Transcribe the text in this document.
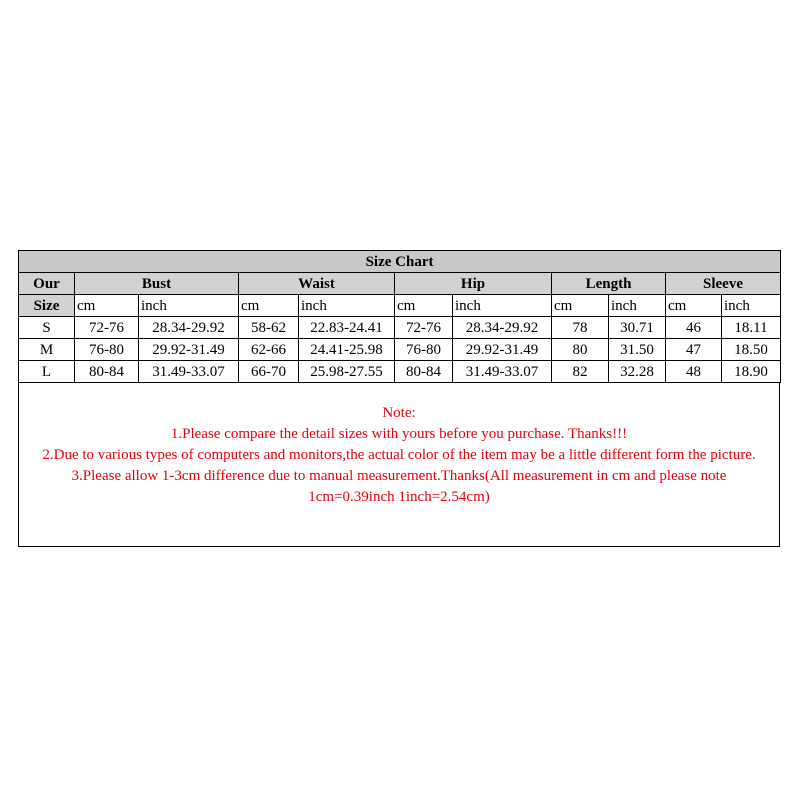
Size Chart										
Our	Bust		Waist		Hip		Length		Sleeve	
Size	cm	inch	cm	inch	cm	inch	cm	inch	cm	inch
S	72-76	28.34-29.92	58-62	22.83-24.41	72-76	28.34-29.92	78	30.71	46	18.11
M	76-80	29.92-31.49	62-66	24.41-25.98	76-80	29.92-31.49	80	31.50	47	18.50
L	80-84	31.49-33.07	66-70	25.98-27.55	80-84	31.49-33.07	82	32.28	48	18.90
Note:
1.Please compare the detail sizes with yours before you purchase. Thanks!!!
2.Due to various types of computers and monitors,the actual color of the item may be a little different form the picture.
3.Please allow 1-3cm difference due to manual measurement.Thanks(All measurement in cm and please note 1cm=0.39inch 1inch=2.54cm)
